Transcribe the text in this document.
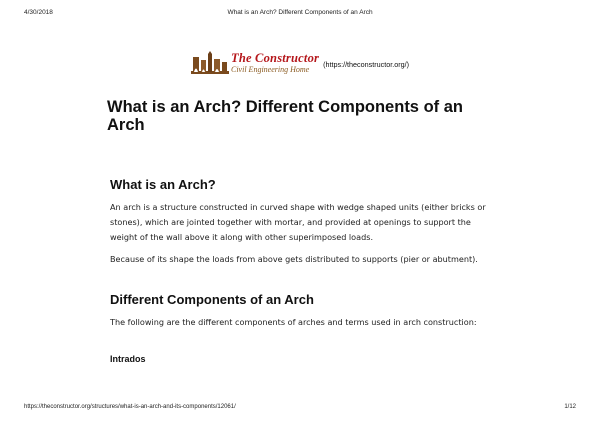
4/30/2018	What is an Arch? Different Components of an Arch
The Constructor
Civil Engineering Home
(https://theconstructor.org/)
What is an Arch? Different Components of an Arch
What is an Arch?

An arch is a structure constructed in curved shape with wedge shaped units (either bricks or stones), which are jointed together with mortar, and provided at openings to support the weight of the wall above it along with other superimposed loads.

Because of its shape the loads from above gets distributed to supports (pier or abutment).

Different Components of an Arch

The following are the different components of arches and terms used in arch construction:

Intrados
https://theconstructor.org/structures/what-is-an-arch-and-its-components/12061/	1/12
